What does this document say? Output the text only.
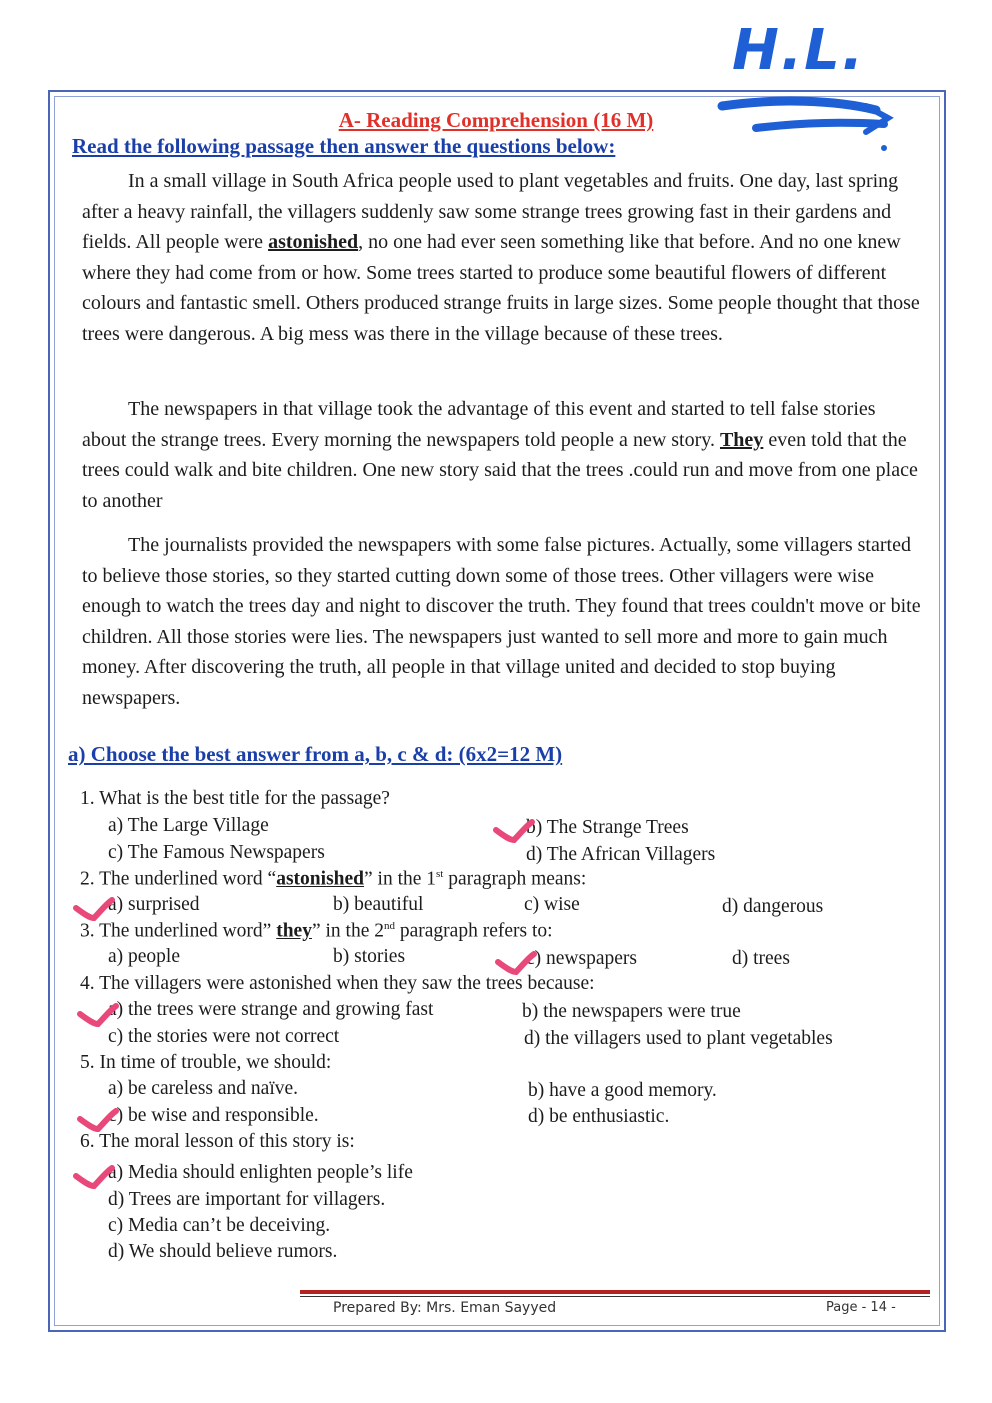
H.L.
A- Reading Comprehension (16 M)
Read the following passage then answer the questions below:

In a small village in South Africa people used to plant vegetables and fruits. One day, last spring after a heavy rainfall, the villagers suddenly saw some strange trees growing fast in their gardens and fields. All people were astonished, no one had ever seen something like that before. And no one knew where they had come from or how. Some trees started to produce some beautiful flowers of different colours and fantastic smell. Others produced strange fruits in large sizes. Some people thought that those trees were dangerous. A big mess was there in the village because of these trees.

The newspapers in that village took the advantage of this event and started to tell false stories about the strange trees. Every morning the newspapers told people a new story. They even told that the trees could walk and bite children. One new story said that the trees .could run and move from one place to another

The journalists provided the newspapers with some false pictures. Actually, some villagers started to believe those stories, so they started cutting down some of those trees. Other villagers were wise enough to watch the trees day and night to discover the truth. They found that trees couldn't move or bite children. All those stories were lies. The newspapers just wanted to sell more and more to gain much money. After discovering the truth, all people in that village united and decided to stop buying newspapers.

a) Choose the best answer from a, b, c & d: (6x2=12 M)
1. What is the best title for the passage?
a) The Large Village	b) The Strange Trees
c) The Famous Newspapers	d) The African Villagers
2. The underlined word “astonished” in the 1st paragraph means:
a) surprised	b) beautiful	c) wise	d) dangerous
3. The underlined word” they” in the 2nd paragraph refers to:
a) people	b) stories	c) newspapers	d) trees
4. The villagers were astonished when they saw the trees because:
a) the trees were strange and growing fast	b) the newspapers were true
c) the stories were not correct	d) the villagers used to plant vegetables
5. In time of trouble, we should:
a) be careless and naïve.	b) have a good memory.
c) be wise and responsible.	d) be enthusiastic.
6. The moral lesson of this story is:
a) Media should enlighten people’s life
d) Trees are important for villagers.
c) Media can’t be deceiving.
d) We should believe rumors.
Prepared By: Mrs. Eman Sayyed	Page - 14 -
